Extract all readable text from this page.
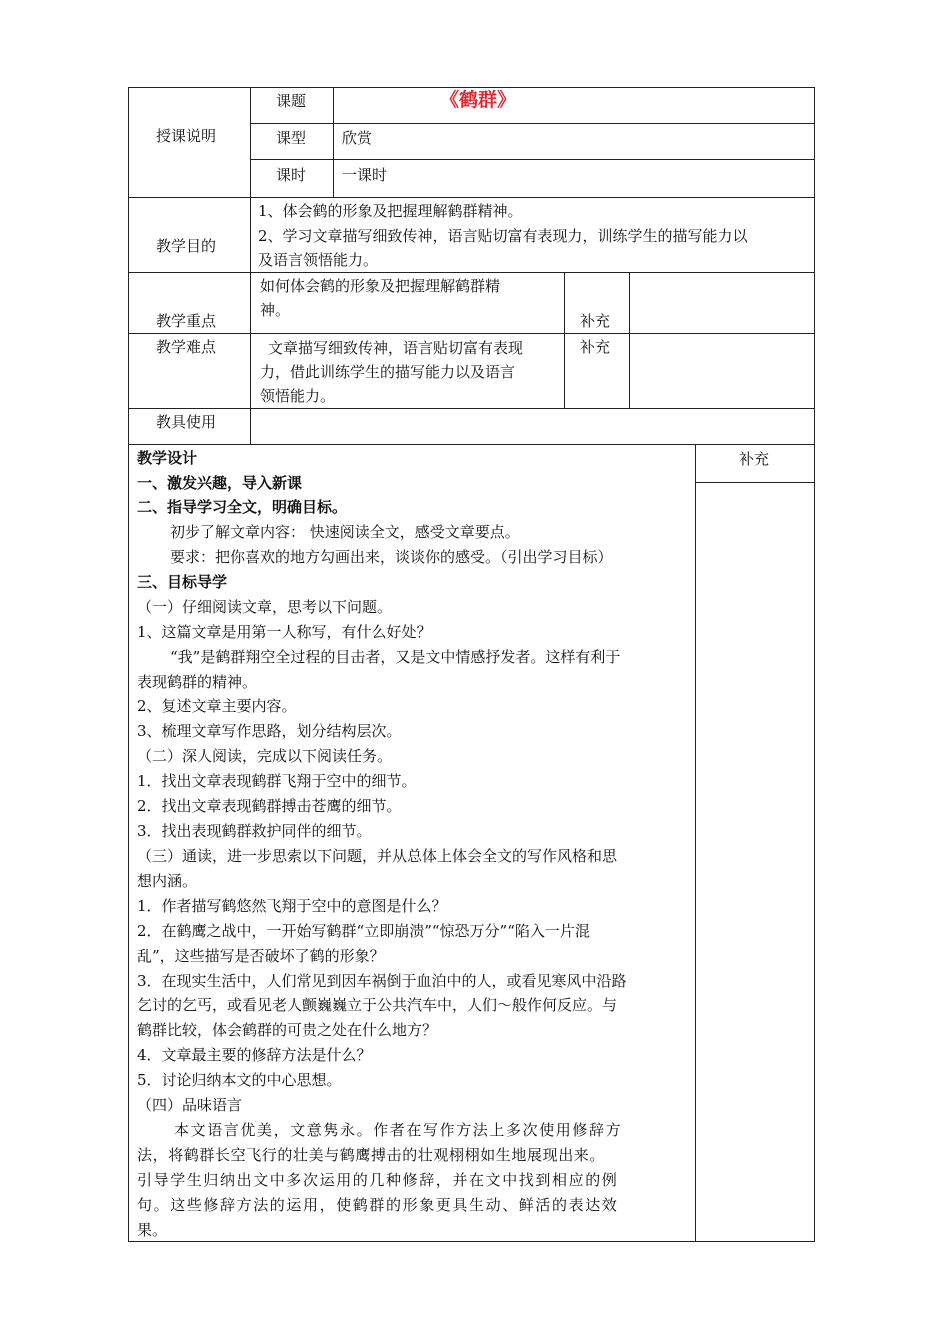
授课说明
课题	《鹤群》
课型 欣赏
课时 一课时
教学目的
1、体会鹤的形象及把握理解鹤群精神。
2、学习文章描写细致传神，语言贴切富有表现力，训练学生的描写能力以
及语言领悟能力。
教学重点
如何体会鹤的形象及把握理解鹤群精
神。
补充
教学难点	文章描写细致传神，语言贴切富有表现
力，借此训练学生的描写能力以及语言
领悟能力。
补充
教具使用
补充
教学设计
一、激发兴趣，导入新课
二、指导学习全文，明确目标。
初步了解文章内容： 快速阅读全文，感受文章要点。
要求：把你喜欢的地方勾画出来，谈谈你的感受。（引出学习目标）
三、目标导学
（一）仔细阅读文章，思考以下问题。
1、这篇文章是用第一人称写，有什么好处？
“我”是鹤群翔空全过程的目击者，又是文中情感抒发者。这样有利于
表现鹤群的精神。
2、复述文章主要内容。
3、梳理文章写作思路，划分结构层次。
（二）深人阅读，完成以下阅读任务。
1．找出文章表现鹤群飞翔于空中的细节。
2．找出文章表现鹤群搏击苍鹰的细节。
3．找出表现鹤群救护同伴的细节。
（三）通读，进一步思索以下问题，并从总体上体会全文的写作风格和思
想内涵。
1．作者描写鹤悠然飞翔于空中的意图是什么？
2．在鹤鹰之战中，一开始写鹤群“立即崩溃”“惊恐万分”“陷入一片混
乱”，这些描写是否破坏了鹤的形象？
3．在现实生活中，人们常见到因车祸倒于血泊中的人，或看见寒风中沿路
乞讨的乞丐，或看见老人颤巍巍立于公共汽车中，人们～般作何反应。与
鹤群比较，体会鹤群的可贵之处在什么地方？
4．文章最主要的修辞方法是什么？
5．讨论归纳本文的中心思想。
（四）品味语言
本文语言优美，文意隽永。作者在写作方法上多次使用修辞方
法，将鹤群长空飞行的壮美与鹤鹰搏击的壮观栩栩如生地展现出来。
引导学生归纳出文中多次运用的几种修辞，并在文中找到相应的例
句。这些修辞方法的运用，使鹤群的形象更具生动、鲜活的表达效
果。
